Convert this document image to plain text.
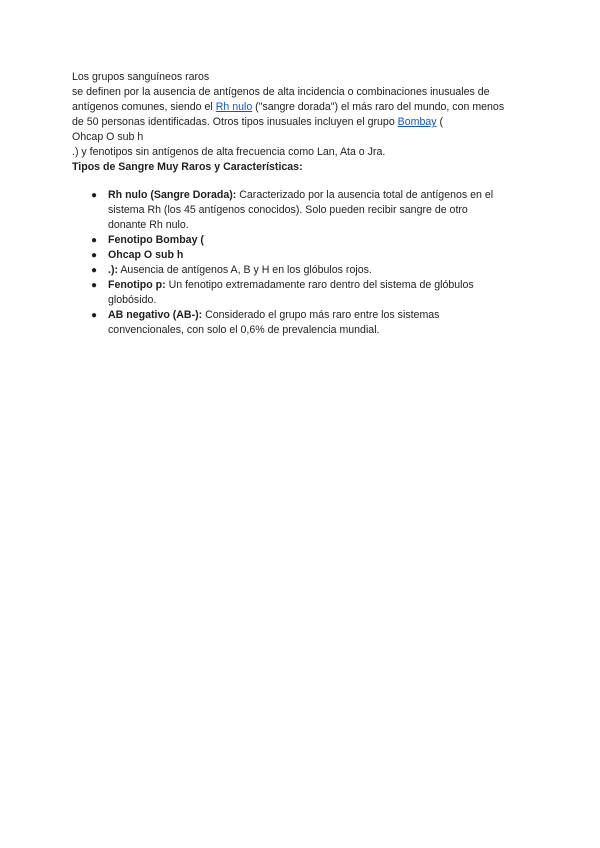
Los grupos sanguíneos raros
se definen por la ausencia de antígenos de alta incidencia o combinaciones inusuales de
antígenos comunes, siendo el Rh nulo ("sangre dorada") el más raro del mundo, con menos
de 50 personas identificadas. Otros tipos inusuales incluyen el grupo Bombay (
Ohcap O sub h
.) y fenotipos sin antígenos de alta frecuencia como Lan, Ata o Jra.
Tipos de Sangre Muy Raros y Características:
● Rh nulo (Sangre Dorada): Caracterizado por la ausencia total de antígenos en el
sistema Rh (los 45 antígenos conocidos). Solo pueden recibir sangre de otro
donante Rh nulo.
● Fenotipo Bombay (
● Ohcap O sub h
● .): Ausencia de antígenos A, B y H en los glóbulos rojos.
● Fenotipo p: Un fenotipo extremadamente raro dentro del sistema de glóbulos
globósido.
● AB negativo (AB-): Considerado el grupo más raro entre los sistemas
convencionales, con solo el 0,6% de prevalencia mundial.
